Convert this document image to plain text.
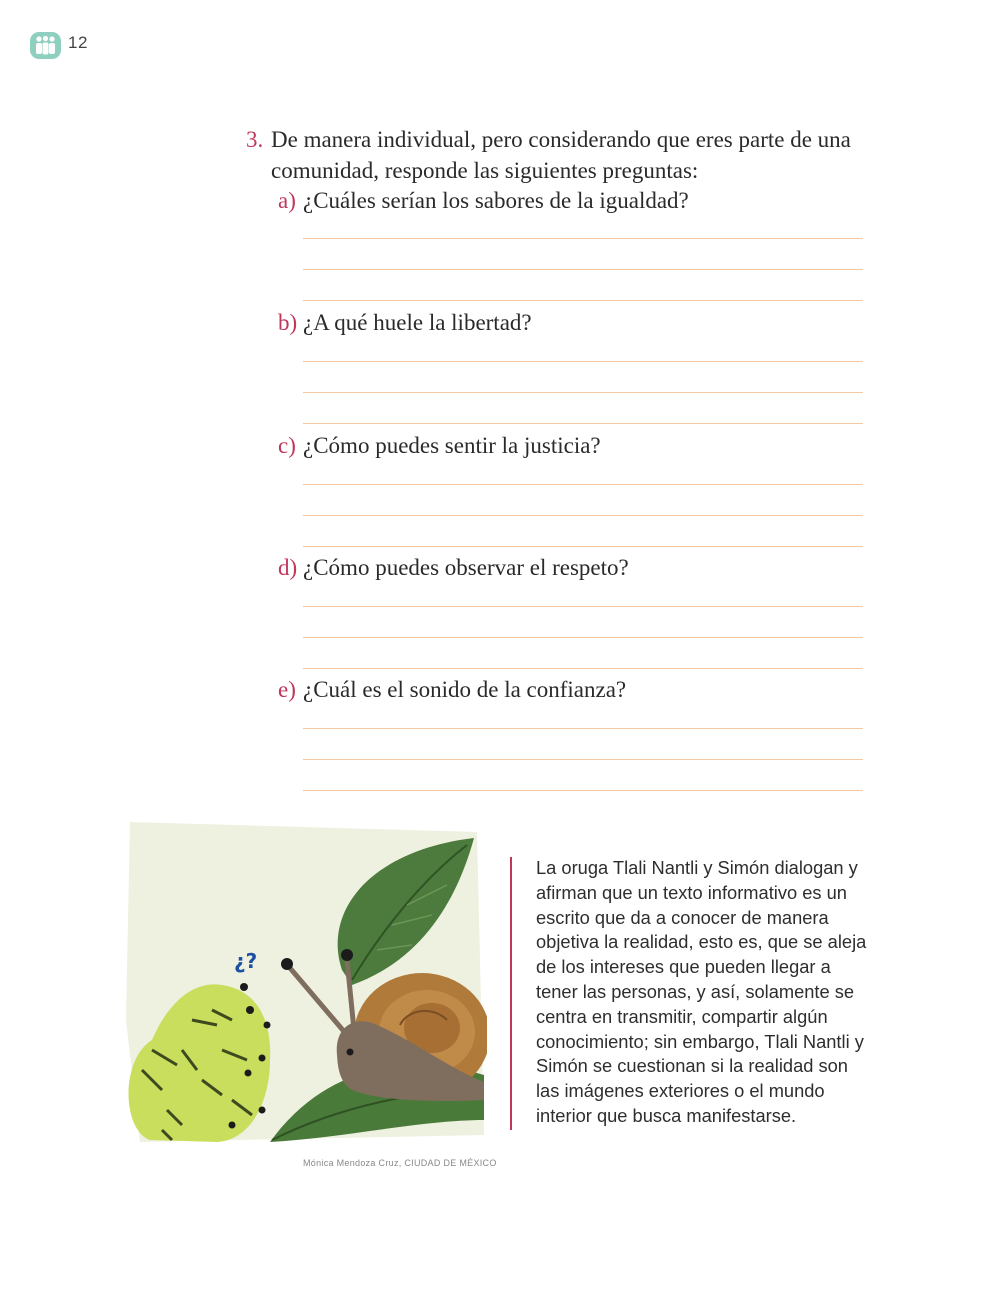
12
3. De manera individual, pero considerando que eres parte de una comunidad, responde las siguientes preguntas:
a) ¿Cuáles serían los sabores de la igualdad?
b) ¿A qué huele la libertad?
c) ¿Cómo puedes sentir la justicia?
d) ¿Cómo puedes observar el respeto?
e) ¿Cuál es el sonido de la confianza?
¿?
Mónica Mendoza Cruz, CIUDAD DE MÉXICO
La oruga Tlali Nantli y Simón dialogan y afirman que un texto informativo es un escrito que da a conocer de manera objetiva la realidad, esto es, que se aleja de los intereses que pueden llegar a tener las personas, y así, solamente se centra en transmitir, compartir algún conocimiento; sin embargo, Tlali Nantli y Simón se cuestionan si la realidad son las imágenes exteriores o el mundo interior que busca manifestarse.
